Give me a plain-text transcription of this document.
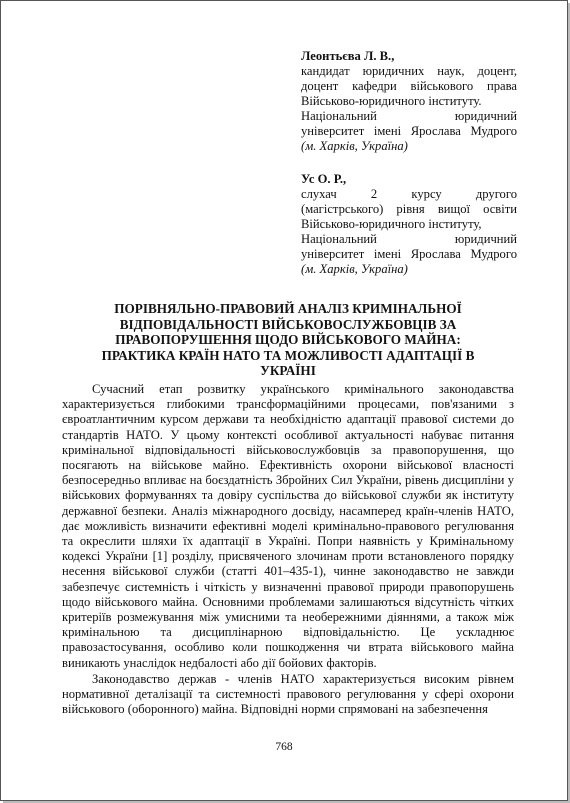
Леонтьєва Л. В.,
кандидат юридичних наук, доцент,
доцент кафедри військового права
Військово-юридичного інституту.
Національний юридичний
університет імені Ярослава Мудрого
(м. Харків, Україна)
Ус О. Р.,
слухач 2 курсу другого
(магістрського) рівня вищої освіти
Військово-юридичного інституту,
Національний юридичний
університет імені Ярослава Мудрого
(м. Харків, Україна)
ПОРІВНЯЛЬНО-ПРАВОВИЙ АНАЛІЗ КРИМІНАЛЬНОЇ ВІДПОВІДАЛЬНОСТІ ВІЙСЬКОВОСЛУЖБОВЦІВ ЗА ПРАВОПОРУШЕННЯ ЩОДО ВІЙСЬКОВОГО МАЙНА: ПРАКТИКА КРАЇН НАТО ТА МОЖЛИВОСТІ АДАПТАЦІЇ В УКРАЇНІ

Сучасний етап розвитку українського кримінального законодавства характеризується глибокими трансформаційними процесами, пов'язаними з євроатлантичним курсом держави та необхідністю адаптації правової системи до стандартів НАТО. У цьому контексті особливої актуальності набуває питання кримінальної відповідальності військовослужбовців за правопорушення, що посягають на військове майно. Ефективність охорони військової власності безпосередньо впливає на боєздатність Збройних Сил України, рівень дисципліни у військових формуваннях та довіру суспільства до військової служби як інституту державної безпеки. Аналіз міжнародного досвіду, насамперед країн-членів НАТО, дає можливість визначити ефективні моделі кримінально-правового регулювання та окреслити шляхи їх адаптації в Україні. Попри наявність у Кримінальному кодексі України [1] розділу, присвяченого злочинам проти встановленого порядку несення військової служби (статті 401–435-1), чинне законодавство не завжди забезпечує системність і чіткість у визначенні правової природи правопорушень щодо військового майна. Основними проблемами залишаються відсутність чітких критеріїв розмежування між умисними та необережними діяннями, а також між кримінальною та дисциплінарною відповідальністю. Це ускладнює правозастосування, особливо коли пошкодження чи втрата військового майна виникають унаслідок недбалості або дії бойових факторів.

Законодавство держав - членів НАТО характеризується високим рівнем нормативної деталізації та системності правового регулювання у сфері охорони військового (оборонного) майна. Відповідні норми спрямовані на забезпечення

768
